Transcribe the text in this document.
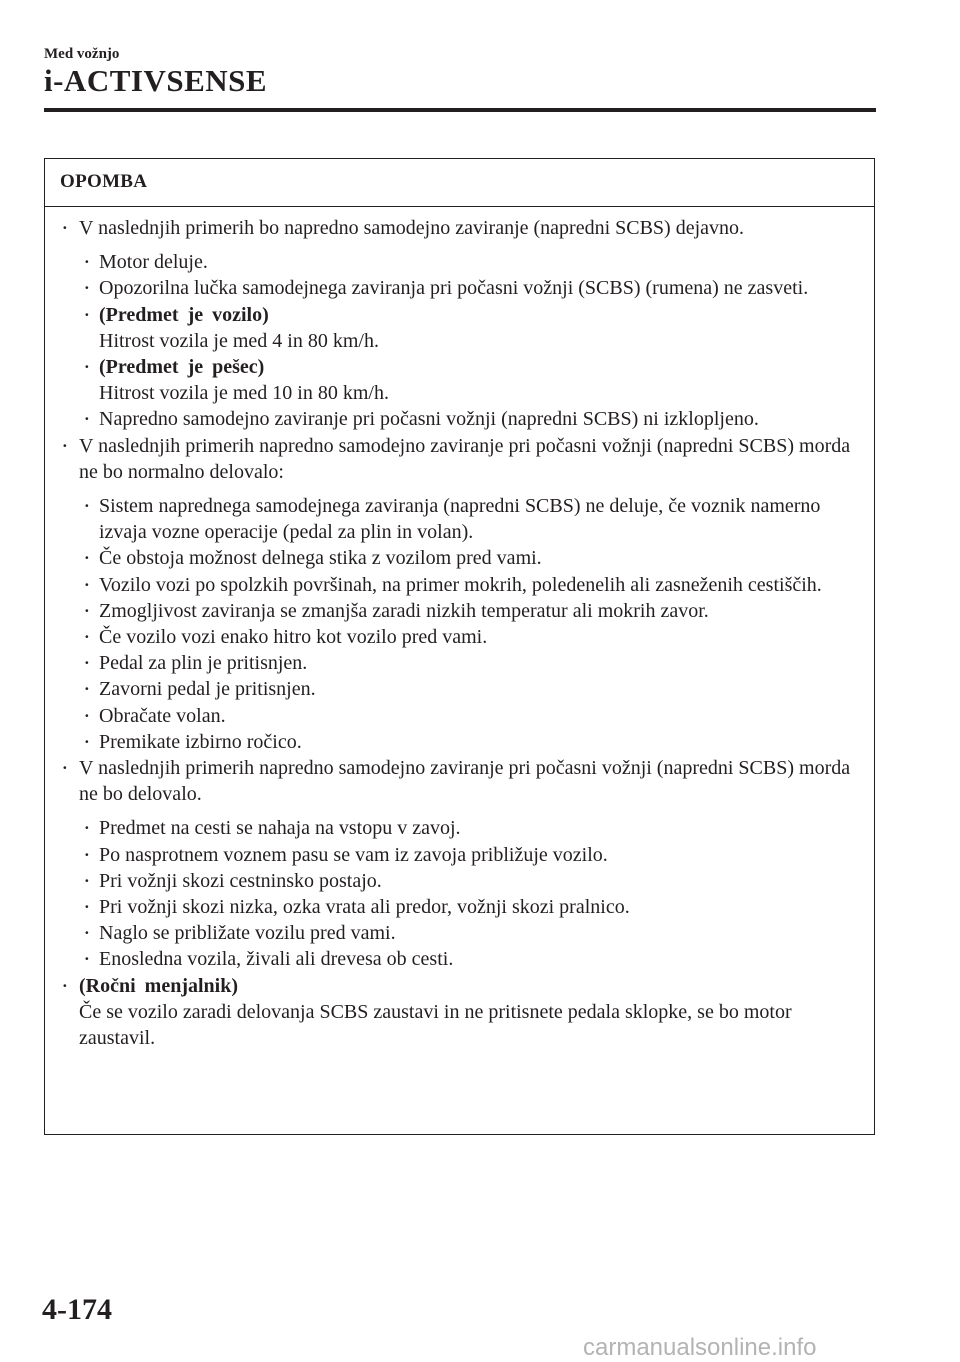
Med vožnjo
i-ACTIVSENSE
OPOMBA
· V naslednjih primerih bo napredno samodejno zaviranje (napredni SCBS) dejavno.
· Motor deluje.
· Opozorilna lučka samodejnega zaviranja pri počasni vožnji (SCBS) (rumena) ne zasveti.
· (Predmet je vozilo)
Hitrost vozila je med 4 in 80 km/h.
· (Predmet je pešec)
Hitrost vozila je med 10 in 80 km/h.
· Napredno samodejno zaviranje pri počasni vožnji (napredni SCBS) ni izklopljeno.
· V naslednjih primerih napredno samodejno zaviranje pri počasni vožnji (napredni SCBS) morda ne bo normalno delovalo:
· Sistem naprednega samodejnega zaviranja (napredni SCBS) ne deluje, če voznik namerno izvaja vozne operacije (pedal za plin in volan).
· Če obstoja možnost delnega stika z vozilom pred vami.
· Vozilo vozi po spolzkih površinah, na primer mokrih, poledenelih ali zasneženih cestiščih.
· Zmogljivost zaviranja se zmanjša zaradi nizkih temperatur ali mokrih zavor.
· Če vozilo vozi enako hitro kot vozilo pred vami.
· Pedal za plin je pritisnjen.
· Zavorni pedal je pritisnjen.
· Obračate volan.
· Premikate izbirno ročico.
· V naslednjih primerih napredno samodejno zaviranje pri počasni vožnji (napredni SCBS) morda ne bo delovalo.
· Predmet na cesti se nahaja na vstopu v zavoj.
· Po nasprotnem voznem pasu se vam iz zavoja približuje vozilo.
· Pri vožnji skozi cestninsko postajo.
· Pri vožnji skozi nizka, ozka vrata ali predor, vožnji skozi pralnico.
· Naglo se približate vozilu pred vami.
· Enosledna vozila, živali ali drevesa ob cesti.
· (Ročni menjalnik)
Če se vozilo zaradi delovanja SCBS zaustavi in ne pritisnete pedala sklopke, se bo motor zaustavil.
4-174
carmanualsonline.info
